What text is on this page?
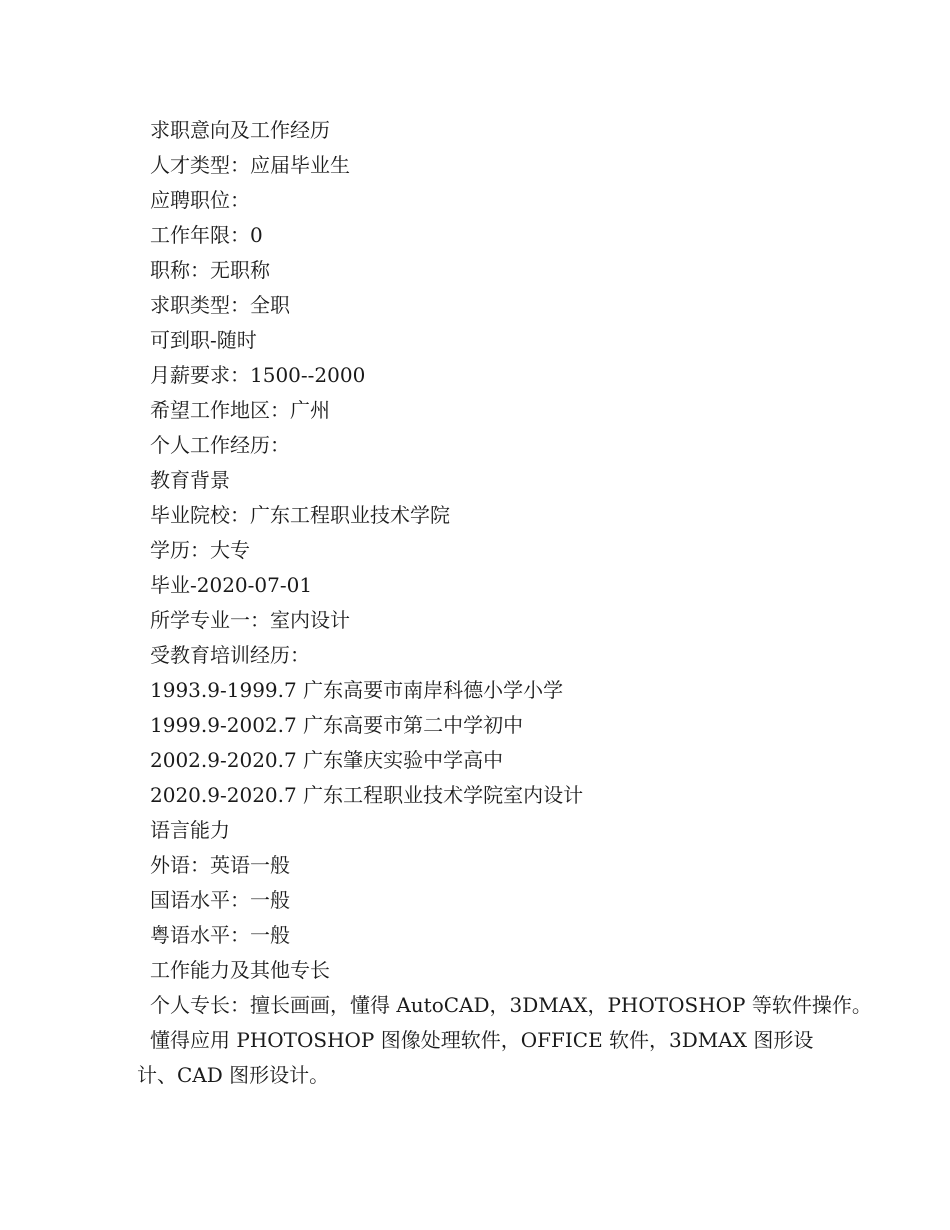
求职意向及工作经历
人才类型：应届毕业生
应聘职位：
工作年限：0
职称：无职称
求职类型：全职
可到职-随时
月薪要求：1500--2000
希望工作地区：广州
个人工作经历：
教育背景
毕业院校：广东工程职业技术学院
学历：大专
毕业-2020-07-01
所学专业一：室内设计
受教育培训经历：
1993.9-1999.7 广东高要市南岸科德小学小学
1999.9-2002.7 广东高要市第二中学初中
2002.9-2020.7 广东肇庆实验中学高中
2020.9-2020.7 广东工程职业技术学院室内设计
语言能力
外语：英语一般
国语水平：一般
粤语水平：一般
工作能力及其他专长
个人专长：擅长画画，懂得 AutoCAD，3DMAX，PHOTOSHOP 等软件操作。
懂得应用 PHOTOSHOP 图像处理软件，OFFICE 软件，3DMAX 图形设计、CAD 图形设计。
